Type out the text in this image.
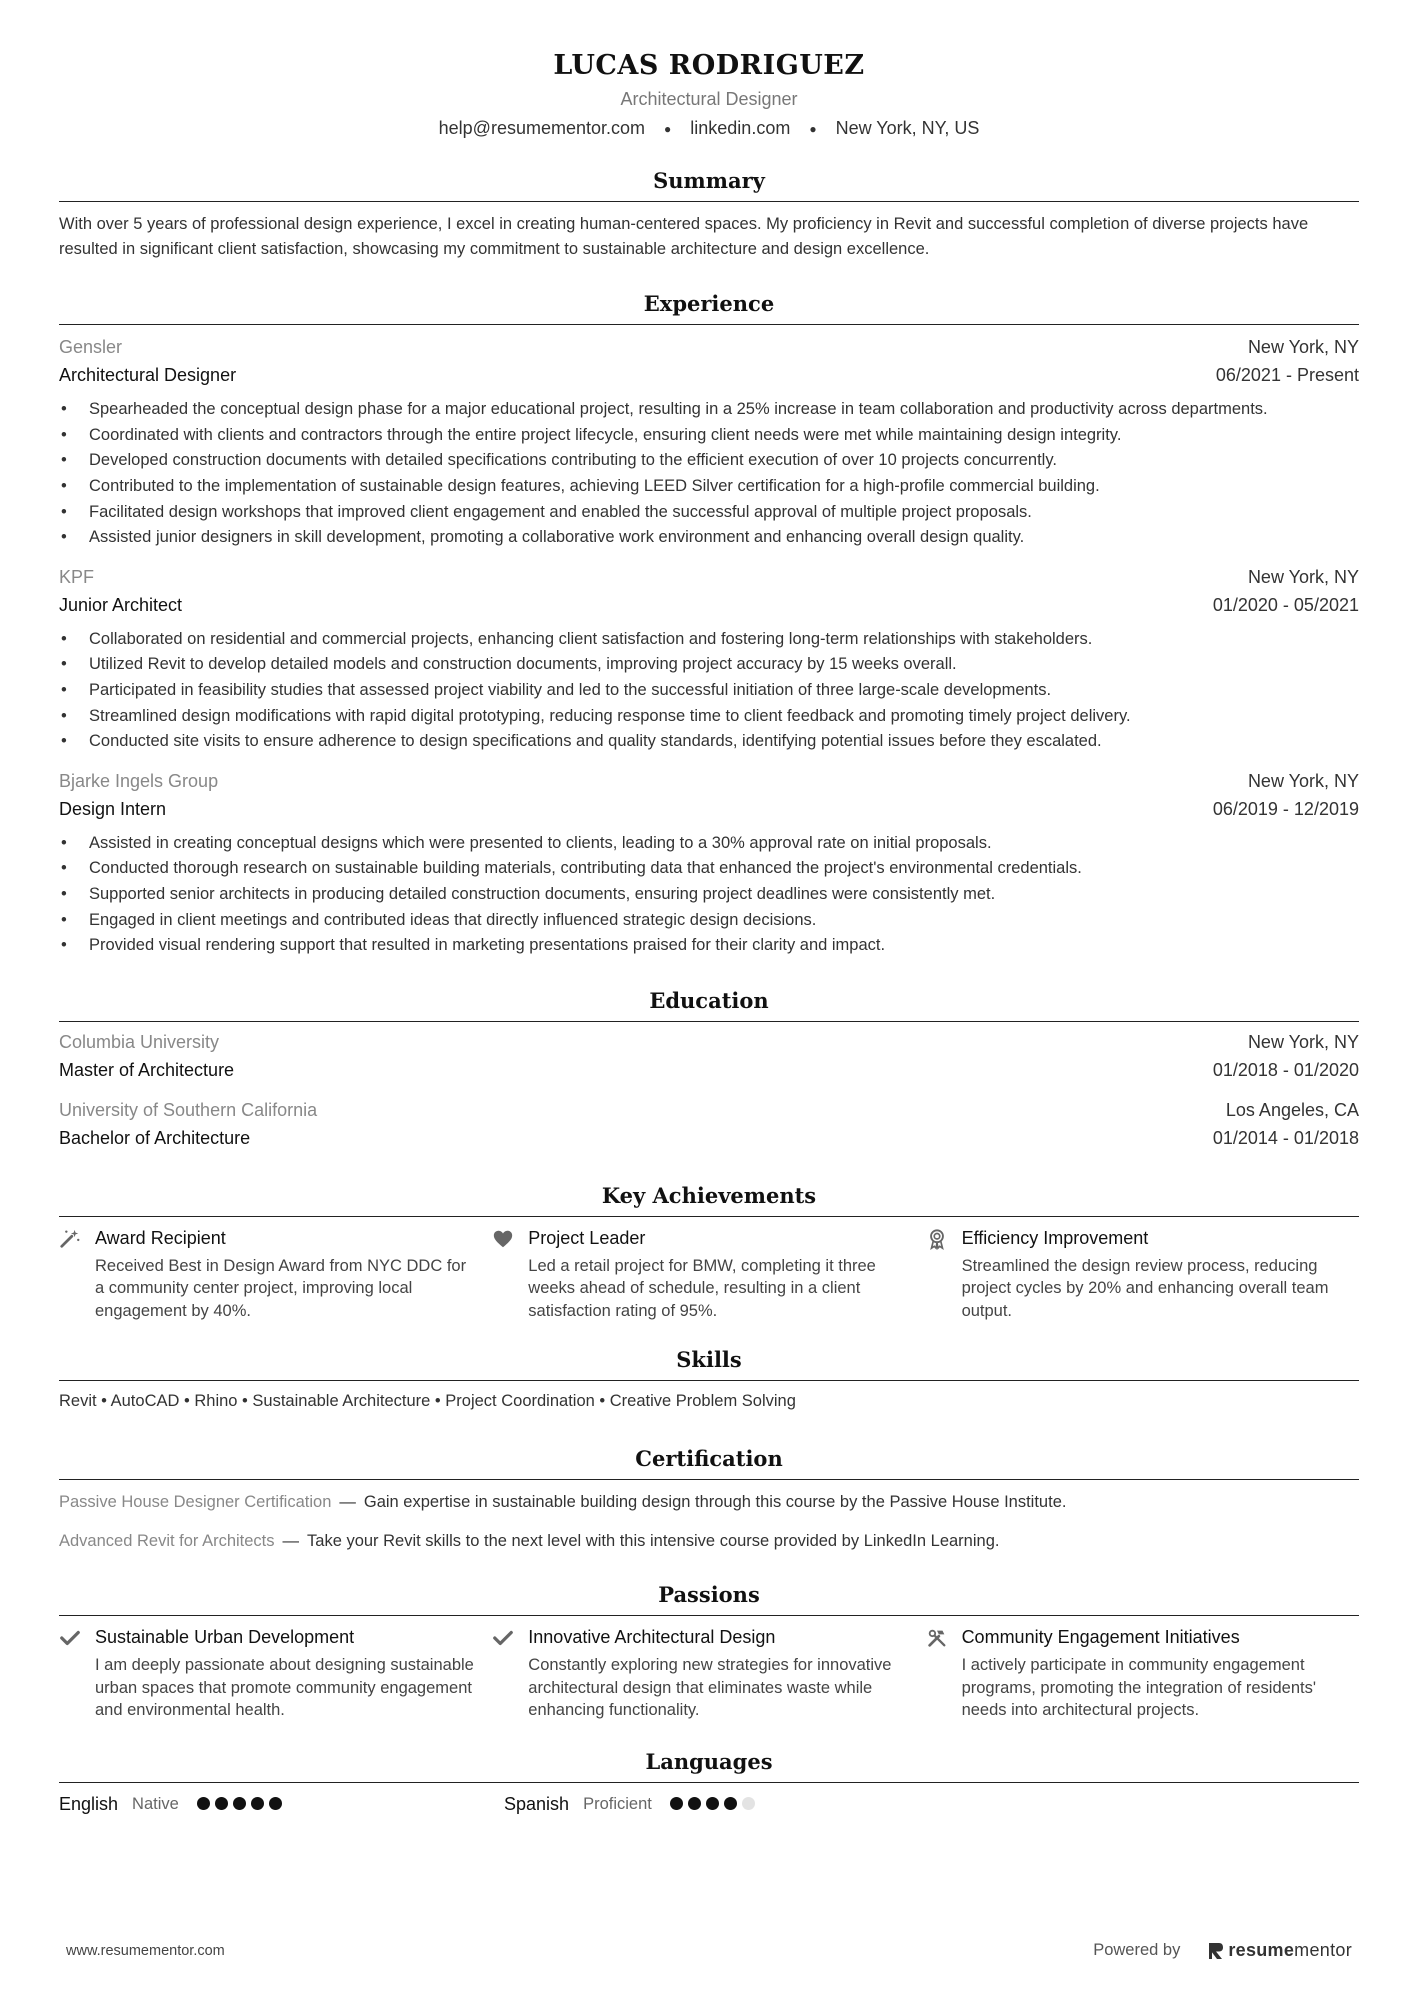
LUCAS RODRIGUEZ
Architectural Designer
help@resumementor.com ● linkedin.com ● New York, NY, US
Summary
With over 5 years of professional design experience, I excel in creating human-centered spaces. My proficiency in Revit and successful completion of diverse projects have resulted in significant client satisfaction, showcasing my commitment to sustainable architecture and design excellence.
Experience
Gensler	New York, NY
Architectural Designer	06/2021 - Present
• Spearheaded the conceptual design phase for a major educational project, resulting in a 25% increase in team collaboration and productivity across departments.
• Coordinated with clients and contractors through the entire project lifecycle, ensuring client needs were met while maintaining design integrity.
• Developed construction documents with detailed specifications contributing to the efficient execution of over 10 projects concurrently.
• Contributed to the implementation of sustainable design features, achieving LEED Silver certification for a high-profile commercial building.
• Facilitated design workshops that improved client engagement and enabled the successful approval of multiple project proposals.
• Assisted junior designers in skill development, promoting a collaborative work environment and enhancing overall design quality.
KPF	New York, NY
Junior Architect	01/2020 - 05/2021
• Collaborated on residential and commercial projects, enhancing client satisfaction and fostering long-term relationships with stakeholders.
• Utilized Revit to develop detailed models and construction documents, improving project accuracy by 15 weeks overall.
• Participated in feasibility studies that assessed project viability and led to the successful initiation of three large-scale developments.
• Streamlined design modifications with rapid digital prototyping, reducing response time to client feedback and promoting timely project delivery.
• Conducted site visits to ensure adherence to design specifications and quality standards, identifying potential issues before they escalated.
Bjarke Ingels Group	New York, NY
Design Intern	06/2019 - 12/2019
• Assisted in creating conceptual designs which were presented to clients, leading to a 30% approval rate on initial proposals.
• Conducted thorough research on sustainable building materials, contributing data that enhanced the project's environmental credentials.
• Supported senior architects in producing detailed construction documents, ensuring project deadlines were consistently met.
• Engaged in client meetings and contributed ideas that directly influenced strategic design decisions.
• Provided visual rendering support that resulted in marketing presentations praised for their clarity and impact.
Education
Columbia University	New York, NY
Master of Architecture	01/2018 - 01/2020
University of Southern California	Los Angeles, CA
Bachelor of Architecture	01/2014 - 01/2018
Key Achievements
Award Recipient
Received Best in Design Award from NYC DDC for a community center project, improving local engagement by 40%.
Project Leader
Led a retail project for BMW, completing it three weeks ahead of schedule, resulting in a client satisfaction rating of 95%.
Efficiency Improvement
Streamlined the design review process, reducing project cycles by 20% and enhancing overall team output.
Skills
Revit • AutoCAD • Rhino • Sustainable Architecture • Project Coordination • Creative Problem Solving
Certification
Passive House Designer Certification — Gain expertise in sustainable building design through this course by the Passive House Institute.
Advanced Revit for Architects — Take your Revit skills to the next level with this intensive course provided by LinkedIn Learning.
Passions
Sustainable Urban Development
I am deeply passionate about designing sustainable urban spaces that promote community engagement and environmental health.
Innovative Architectural Design
Constantly exploring new strategies for innovative architectural design that eliminates waste while enhancing functionality.
Community Engagement Initiatives
I actively participate in community engagement programs, promoting the integration of residents' needs into architectural projects.
Languages
English Native	Spanish Proficient
www.resumementor.com	Powered by	resume mentor
